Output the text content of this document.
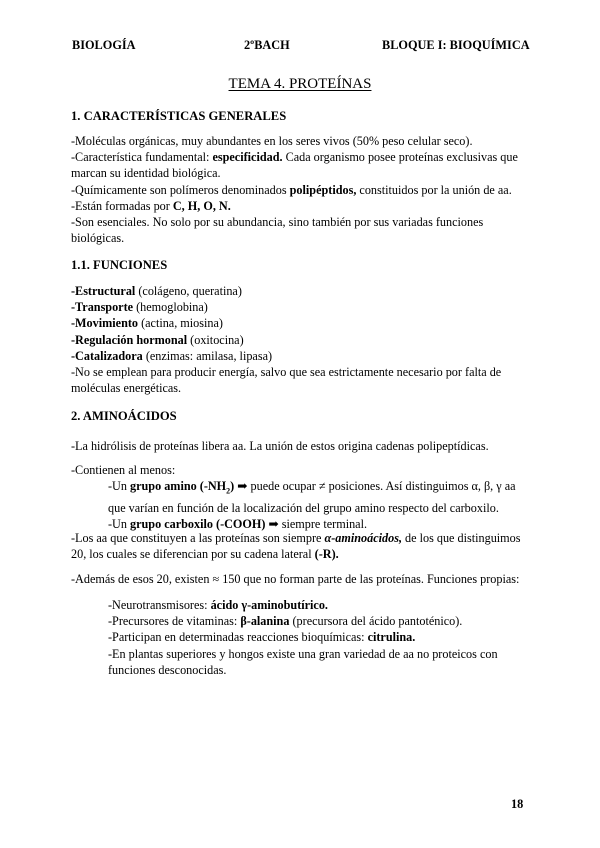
BIOLOGÍA	2ºBACH	BLOQUE I: BIOQUÍMICA
TEMA 4. PROTEÍNAS
1. CARACTERÍSTICAS GENERALES

-Moléculas orgánicas, muy abundantes en los seres vivos (50% peso celular seco).

-Característica fundamental: especificidad. Cada organismo posee proteínas exclusivas que marcan su identidad biológica.

-Químicamente son polímeros denominados polipéptidos, constituidos por la unión de aa.

-Están formadas por C, H, O, N.

-Son esenciales. No solo por su abundancia, sino también por sus variadas funciones biológicas.

1.1. FUNCIONES

-Estructural (colágeno, queratina)

-Transporte (hemoglobina)

-Movimiento (actina, miosina)

-Regulación hormonal (oxitocina)

-Catalizadora (enzimas: amilasa, lipasa)

-No se emplean para producir energía, salvo que sea estrictamente necesario por falta de moléculas energéticas.

2. AMINOÁCIDOS

-La hidrólisis de proteínas libera aa. La unión de estos origina cadenas polipeptídicas.

-Contienen al menos:

-Un grupo amino $(-NH_2)$ ➡ puede ocupar ≠ posiciones. Así distinguimos α, β, γ aa que varían en función de la localización del grupo amino respecto del carboxilo.

-Un grupo carboxilo (-COOH) ➡ siempre terminal.

-Los aa que constituyen a las proteínas son siempre α-aminoácidos, de los que distinguimos 20, los cuales se diferencian por su cadena lateral (-R).

-Además de esos 20, existen ≈ 150 que no forman parte de las proteínas. Funciones propias:

-Neurotransmisores: ácido γ-aminobutírico.

-Precursores de vitaminas: β-alanina (precursora del ácido pantoténico).

-Participan en determinadas reacciones bioquímicas: citrulina.

-En plantas superiores y hongos existe una gran variedad de aa no proteicos con funciones desconocidas.

18
